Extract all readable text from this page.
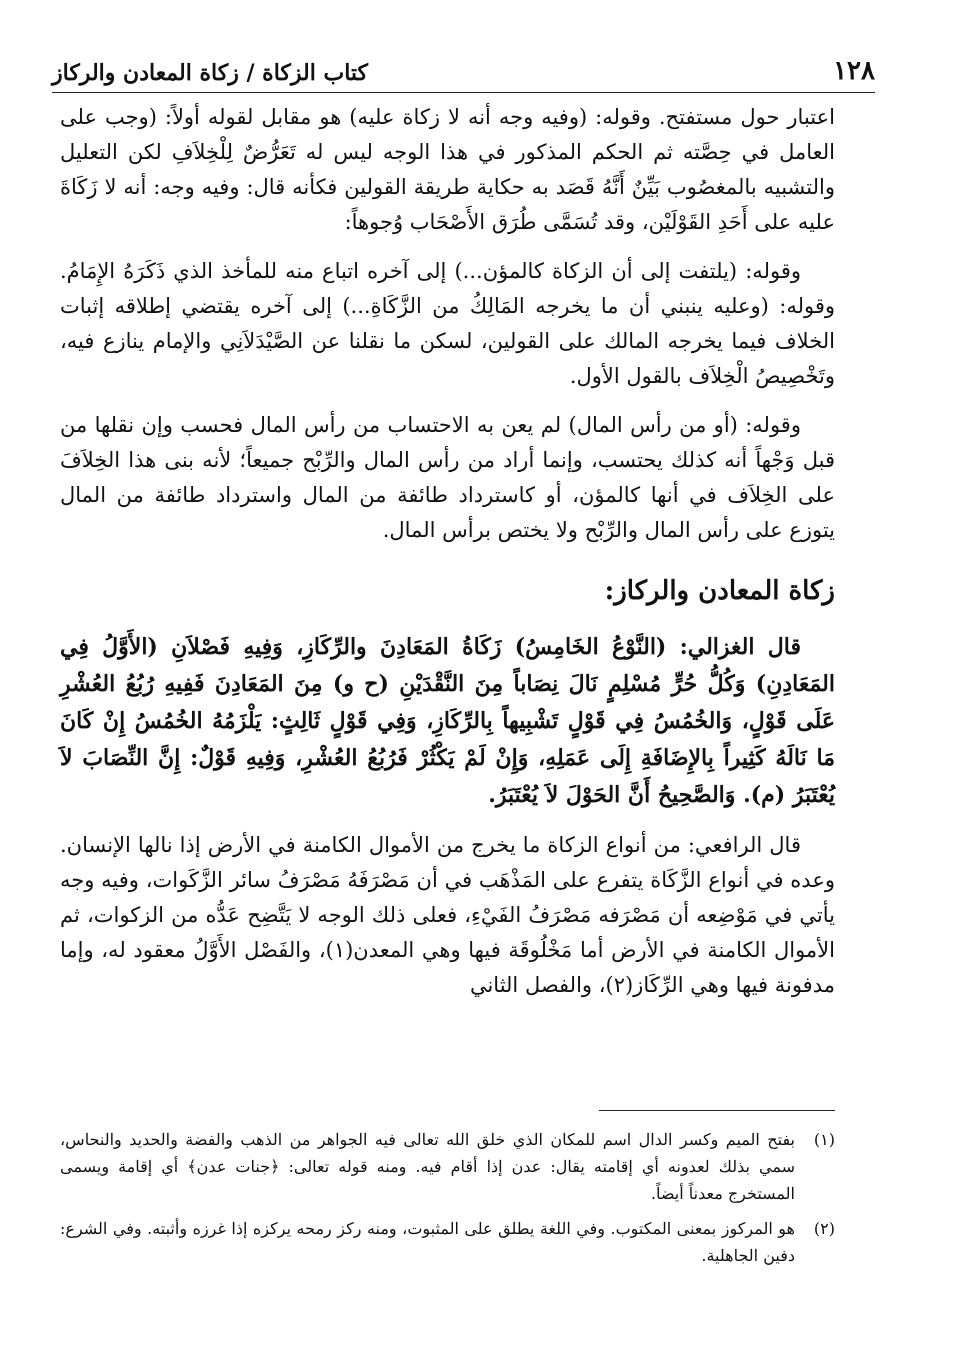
١٢٨
كتاب الزكاة / زكاة المعادن والركاز

اعتبار حول مستفتح. وقوله: (وفيه وجه أنه لا زكاة عليه) هو مقابل لقوله أولاً: (وجب على العامل في حِصَّته ثم الحكم المذكور في هذا الوجه ليس له تَعَرُّضٌ لِلْخِلاَفِ لكن التعليل والتشبيه بالمغصُوب بَيِّنٌ أَنَّهُ قَصَد به حكاية طريقة القولين فكأنه قال: وفيه وجه: أنه لا زَكَاةَ عليه على أَحَدِ القَوْلَيْن، وقد تُسَمَّى طُرَق الأَصْحَاب وُجوهاً:

وقوله: (يلتفت إلى أن الزكاة كالمؤن...) إلى آخره اتباع منه للمأخذ الذي ذَكَرَهُ الإِمَامُ. وقوله: (وعليه ينبني أن ما يخرجه المَالِكُ من الزَّكَاةِ...) إلى آخره يقتضي إطلاقه إثبات الخلاف فيما يخرجه المالك على القولين، لسكن ما نقلنا عن الصَّيْدَلاَنِي والإمام ينازع فيه، وتَخْصِيصُ الْخِلاَف بالقول الأول.

وقوله: (أو من رأس المال) لم يعن به الاحتساب من رأس المال فحسب وإن نقلها من قبل وَجْهاً أنه كذلك يحتسب، وإنما أراد من رأس المال والرِّبْح جميعاً؛ لأنه بنى هذا الخِلاَفَ على الخِلاَف في أنها كالمؤن، أو كاسترداد طائفة من المال واسترداد طائفة من المال يتوزع على رأس المال والرِّبْح ولا يختص برأس المال.

زكاة المعادن والركاز:

قال الغزالي: (النَّوْعُ الخَامِسُ) زَكَاةُ المَعَادِنَ والرِّكَازِ، وَفِيهِ فَصْلاَنِ (الأَوَّلُ فِي المَعَادِنِ) وَكُلُّ حُرٍّ مُسْلِمٍ نَالَ نِصَاباً مِنَ النَّقْدَيْنِ (ح و) مِنَ المَعَادِنَ فَفِيهِ رُبُعُ العُشْرِ عَلَى قَوْلٍ، وَالخُمُسُ فِي قَوْلٍ تَشْبِيهاً بِالرِّكَازِ، وَفِي قَوْلٍ ثَالِثٍ: يَلْزَمُهُ الخُمُسُ إِنْ كَانَ مَا نَالَهُ كَثِيراً بِالإِضَافَةِ إِلَى عَمَلِهِ، وَإِنْ لَمْ يَكْثُرْ فَرُبُعُ العُشْرِ، وَفِيهِ قَوْلٌ: إِنَّ النِّصَابَ لاَ يُعْتَبَرُ (م). وَالصَّحِيحُ أَنَّ الحَوْلَ لاَ يُعْتَبَرُ.

قال الرافعي: من أنواع الزكاة ما يخرج من الأموال الكامنة في الأرض إذا نالها الإنسان. وعده في أنواع الزَّكَاة يتفرع على المَذْهَب في أن مَصْرَفَهُ مَصْرَفُ سائر الزَّكَوات، وفيه وجه يأتي في مَوْضِعه أن مَصْرَفه مَصْرَفُ الفَيْءِ، فعلى ذلك الوجه لا يَتَّضِح عَدُّه من الزكوات، ثم الأموال الكامنة في الأرض أما مَخْلُوقَة فيها وهي المعدن(١)، والفَصْل الأَوَّلُ معقود له، وإما مدفونة فيها وهي الرِّكَاز(٢)، والفصل الثاني

(١)
بفتح الميم وكسر الدال اسم للمكان الذي خلق الله تعالى فيه الجواهر من الذهب والفضة والحديد والنحاس، سمي بذلك لعدونه أي إقامته يقال: عدن إذا أقام فيه. ومنه قوله تعالى: ﴿جنات عدن﴾ أي إقامة ويسمى المستخرج معدناً أيضاً.
(٢)
هو المركوز بمعنى المكتوب. وفي اللغة يطلق على المثبوت، ومنه ركز رمحه يركزه إذا غرزه وأثبته. وفي الشرع: دفين الجاهلية.
